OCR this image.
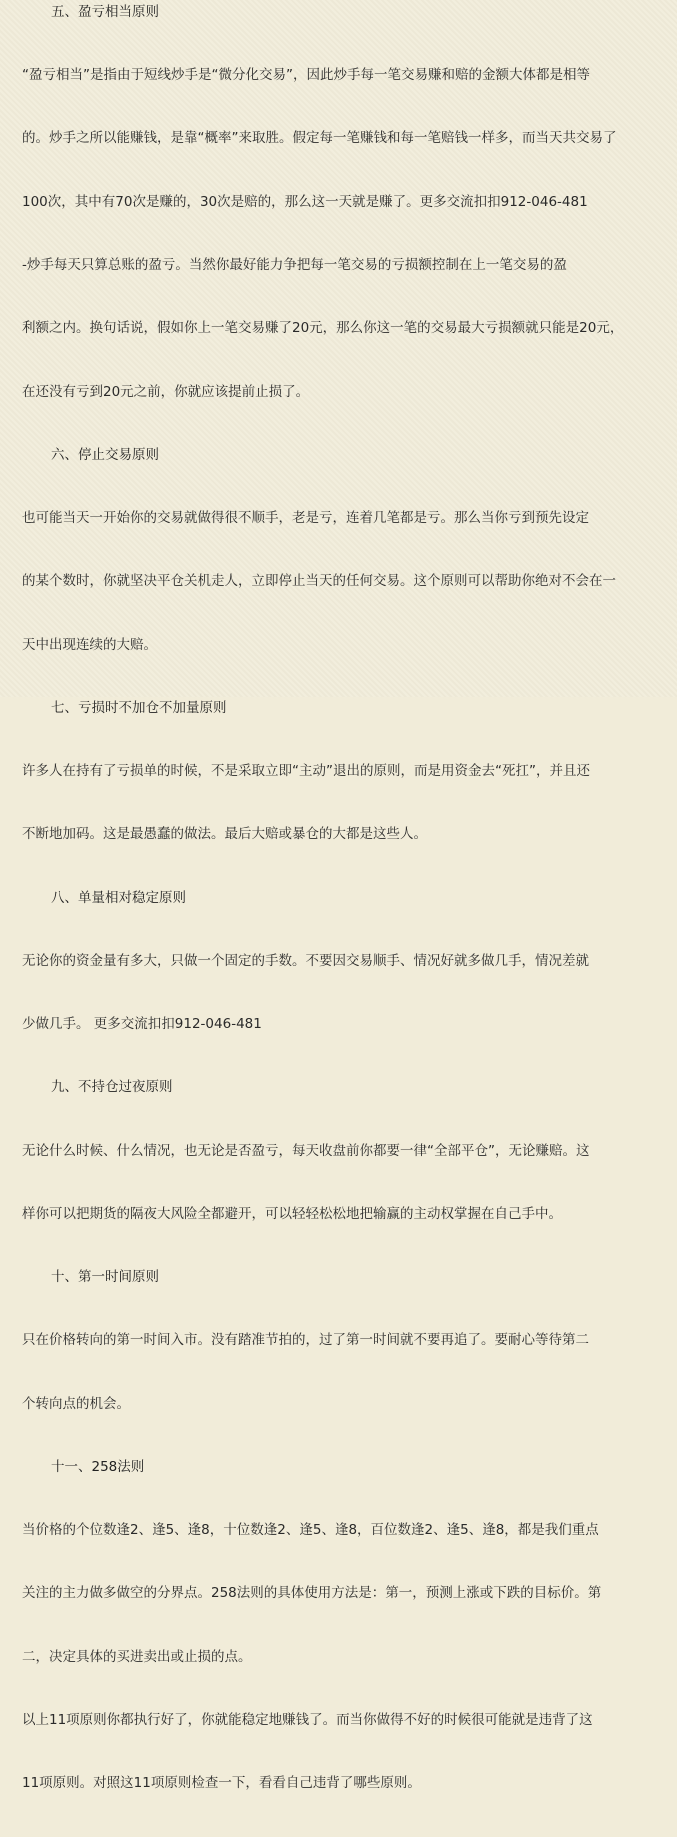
五、盈亏相当原则

“盈亏相当”是指由于短线炒手是“微分化交易”，因此炒手每一笔交易赚和赔的金额大体都是相等

的。炒手之所以能赚钱，是靠“概率”来取胜。假定每一笔赚钱和每一笔赔钱一样多，而当天共交易了

100次，其中有70次是赚的，30次是赔的，那么这一天就是赚了。更多交流扣扣912-046-481

-炒手每天只算总账的盈亏。当然你最好能力争把每一笔交易的亏损额控制在上一笔交易的盈

利额之内。换句话说，假如你上一笔交易赚了20元，那么你这一笔的交易最大亏损额就只能是20元，

在还没有亏到20元之前，你就应该提前止损了。

六、停止交易原则

也可能当天一开始你的交易就做得很不顺手，老是亏，连着几笔都是亏。那么当你亏到预先设定

的某个数时，你就坚决平仓关机走人，立即停止当天的任何交易。这个原则可以帮助你绝对不会在一

天中出现连续的大赔。

七、亏损时不加仓不加量原则

许多人在持有了亏损单的时候，不是采取立即“主动”退出的原则，而是用资金去“死扛”，并且还

不断地加码。这是最愚蠢的做法。最后大赔或暴仓的大都是这些人。

八、单量相对稳定原则

无论你的资金量有多大，只做一个固定的手数。不要因交易顺手、情况好就多做几手，情况差就

少做几手。 更多交流扣扣912-046-481

九、不持仓过夜原则

无论什么时候、什么情况，也无论是否盈亏，每天收盘前你都要一律“全部平仓”，无论赚赔。这

样你可以把期货的隔夜大风险全都避开，可以轻轻松松地把输赢的主动权掌握在自己手中。

十、第一时间原则

只在价格转向的第一时间入市。没有踏准节拍的，过了第一时间就不要再追了。要耐心等待第二

个转向点的机会。

十一、258法则

当价格的个位数逢2、逢5、逢8，十位数逢2、逢5、逢8，百位数逢2、逢5、逢8，都是我们重点

关注的主力做多做空的分界点。258法则的具体使用方法是：第一，预测上涨或下跌的目标价。第

二，决定具体的买进卖出或止损的点。

以上11项原则你都执行好了，你就能稳定地赚钱了。而当你做得不好的时候很可能就是违背了这

11项原则。对照这11项原则检查一下，看看自己违背了哪些原则。
